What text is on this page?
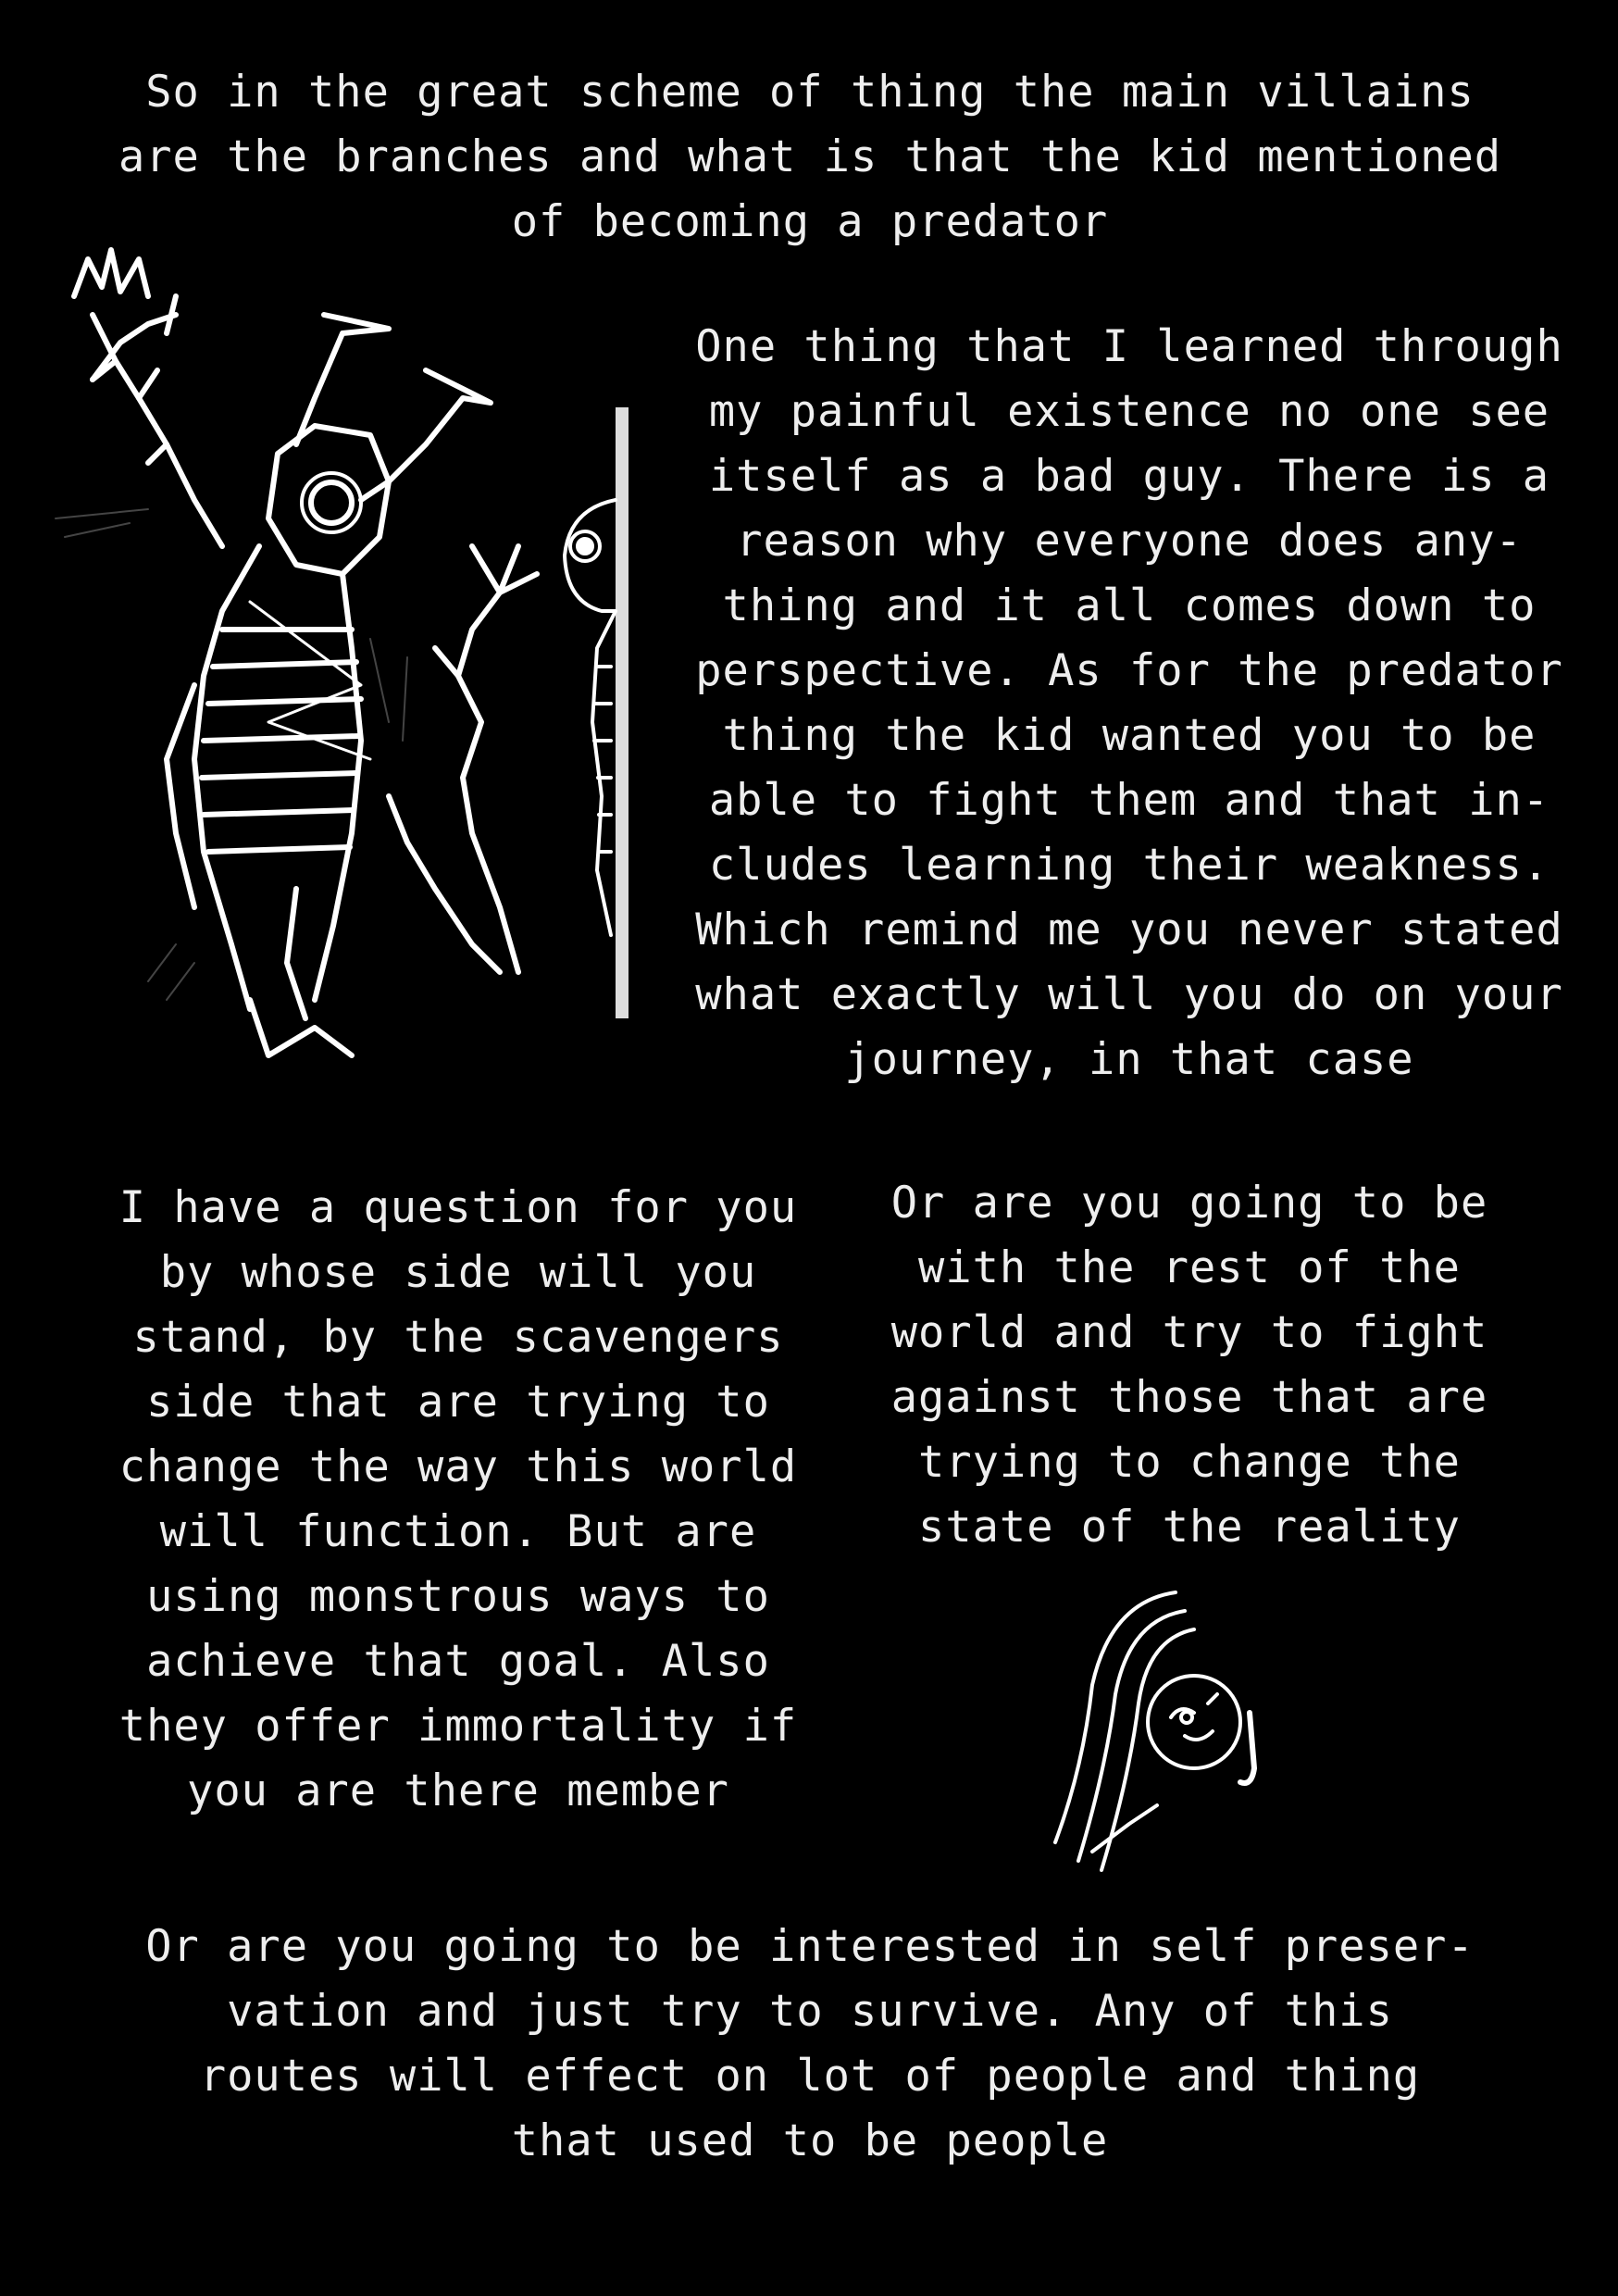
So in the great scheme of thing the main villains
are the branches and what is that the kid mentioned
of becoming a predator
One thing that I learned through
my painful existence no one see
itself as a bad guy. There is a
reason why everyone does any-
thing and it all comes down to
perspective. As for the predator
thing the kid wanted you to be
able to fight them and that in-
cludes learning their weakness.
Which remind me you never stated
what exactly will you do on your
journey, in that case
I have a question for you
by whose side will you
stand, by the scavengers
side that are trying to
change the way this world
will function. But are
using monstrous ways to
achieve that goal. Also
they offer immortality if
you are there member
Or are you going to be
with the rest of the
world and try to fight
against those that are
trying to change the
state of the reality
Or are you going to be interested in self preser-
vation and just try to survive. Any of this
routes will effect on lot of people and thing
that used to be people
